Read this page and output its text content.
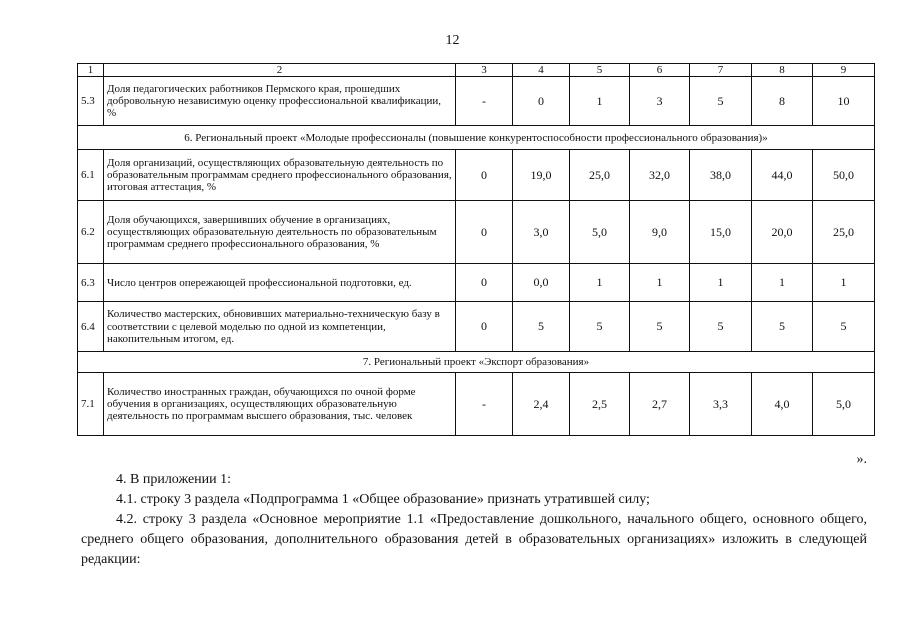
12
1	2	3	4	5	6	7	8	9
5.3	Доля педагогических работников Пермского края, прошедших добровольную независимую оценку профессиональной квалификации, %	-	0	1	3	5	8	10
6. Региональный проект «Молодые профессионалы (повышение конкурентоспособности профессионального образования)»								
6.1	Доля организаций, осуществляющих образовательную деятельность по образовательным программам среднего профессионального образования, итоговая аттестация, %	0	19,0	25,0	32,0	38,0	44,0	50,0
6.2	Доля обучающихся, завершивших обучение в организациях, осуществляющих образовательную деятельность по образовательным программам среднего профессионального образования, %	0	3,0	5,0	9,0	15,0	20,0	25,0
6.3	Число центров опережающей профессиональной подготовки, ед.	0	0,0	1	1	1	1	1
6.4	Количество мастерских, обновивших материально-техническую базу в соответствии с целевой моделью по одной из компетенции, накопительным итогом, ед.	0	5	5	5	5	5	5
7. Региональный проект «Экспорт образования»								
7.1	Количество иностранных граждан, обучающихся по очной форме обучения в организациях, осуществляющих образовательную деятельность по программам высшего образования, тыс. человек	-	2,4	2,5	2,7	3,3	4,0	5,0
».
4. В приложении 1:
4.1. строку 3 раздела «Подпрограмма 1 «Общее образование» признать утратившей силу;
4.2. строку 3 раздела «Основное мероприятие 1.1 «Предоставление дошкольного, начального общего, основного общего, среднего общего образования, дополнительного образования детей в образовательных организациях» изложить в следующей редакции:
